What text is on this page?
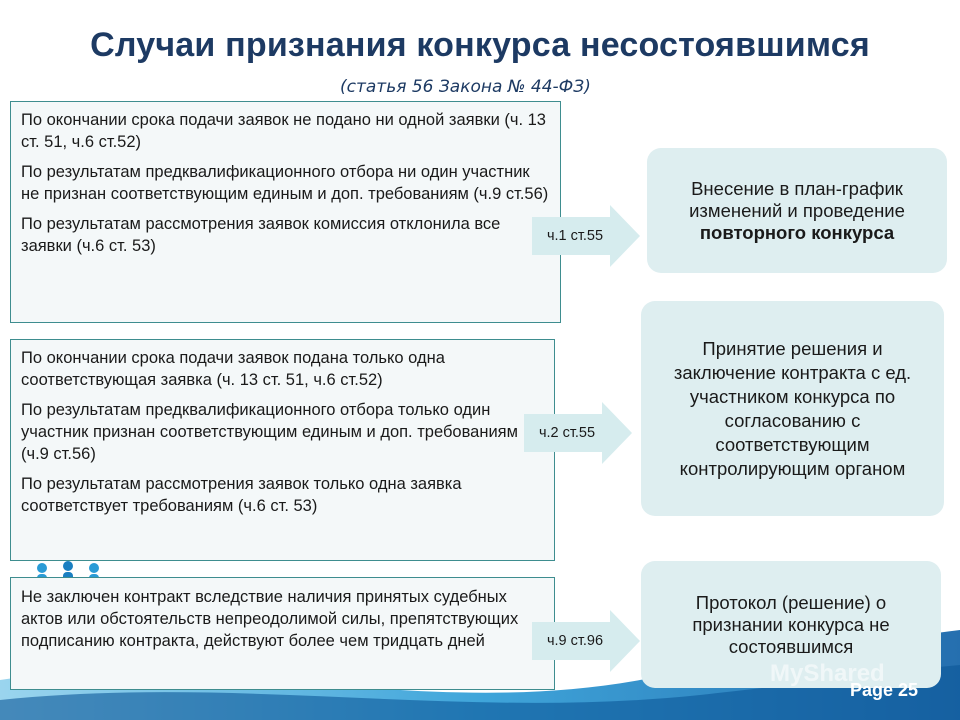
Случаи признания конкурса несостоявшимся
(статья 56 Закона № 44-ФЗ)

По окончании срока подачи заявок не подано ни одной заявки (ч. 13 ст. 51, ч.6 ст.52)

По результатам предквалификационного отбора ни один участник не признан соответствующим единым и доп. требованиям (ч.9 ст.56)

По результатам рассмотрения заявок комиссия отклонила все заявки (ч.6 ст. 53)

ч.1 ст.55
Внесение в план-график изменений и проведение повторного конкурса

По окончании срока подачи заявок подана только одна соответствующая заявка (ч. 13 ст. 51, ч.6 ст.52)

По результатам предквалификационного отбора только один участник признан соответствующим единым и доп. требованиям (ч.9 ст.56)

По результатам рассмотрения заявок только одна заявка соответствует требованиям (ч.6 ст. 53)

ч.2 ст.55
Принятие решения и заключение контракта с ед. участником конкурса по согласованию с соответствующим контролирующим органом

Не заключен контракт вследствие наличия принятых судебных актов или обстоятельств непреодолимой силы, препятствующих подписанию контракта, действуют более чем тридцать дней	ч.9 ст.96
Протокол (решение) о признании конкурса не состоявшимся
MyShared
Page 25
